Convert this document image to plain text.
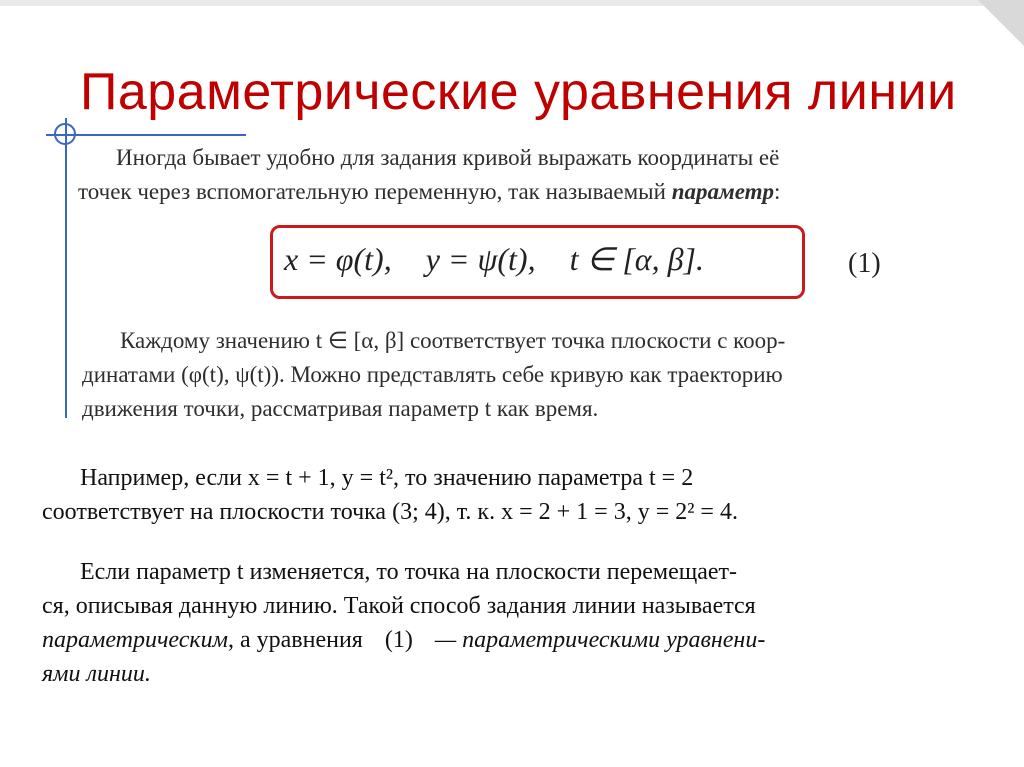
Параметрические уравнения линии
Иногда бывает удобно для задания кривой выражать координаты её
точек через вспомогательную переменную, так называемый параметр:
x = φ(t), y = ψ(t), t ∈ [α, β].	(1)
Каждому значению t ∈ [α, β] соответствует точка плоскости с коор-
динатами (φ(t), ψ(t)). Можно представлять себе кривую как траекторию
движения точки, рассматривая параметр t как время.
Например, если x = t + 1, y = t², то значению параметра t = 2
соответствует на плоскости точка (3; 4), т. к. x = 2 + 1 = 3, y = 2² = 4.
Если параметр t изменяется, то точка на плоскости перемещает-
ся, описывая данную линию. Такой способ задания линии называется
параметрическим, а уравнения (1) — параметрическими уравнени-
ями линии.
